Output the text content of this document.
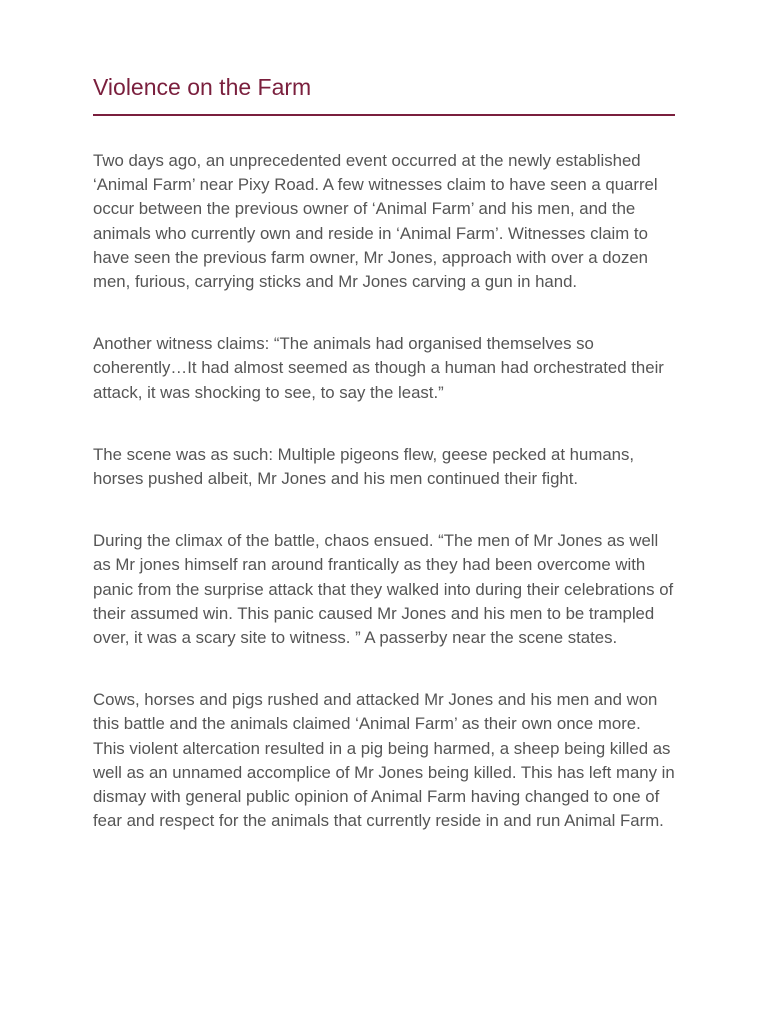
Violence on the Farm

Two days ago, an unprecedented event occurred at the newly established ‘Animal Farm’ near Pixy Road. A few witnesses claim to have seen a quarrel occur between the previous owner of ‘Animal Farm’ and his men, and the animals who currently own and reside in ‘Animal Farm’. Witnesses claim to have seen the previous farm owner, Mr Jones, approach with over a dozen men, furious, carrying sticks and Mr Jones carving a gun in hand.

Another witness claims: “The animals had organised themselves so coherently…It had almost seemed as though a human had orchestrated their attack, it was shocking to see, to say the least.”

The scene was as such: Multiple pigeons flew, geese pecked at humans, horses pushed albeit, Mr Jones and his men continued their fight.

During the climax of the battle, chaos ensued. “The men of Mr Jones as well as Mr jones himself ran around frantically as they had been overcome with panic from the surprise attack that they walked into during their celebrations of their assumed win. This panic caused Mr Jones and his men to be trampled over, it was a scary site to witness. ” A passerby near the scene states.

Cows, horses and pigs rushed and attacked Mr Jones and his men and won this battle and the animals claimed ‘Animal Farm’ as their own once more. This violent altercation resulted in a pig being harmed, a sheep being killed as well as an unnamed accomplice of Mr Jones being killed. This has left many in dismay with general public opinion of Animal Farm having changed to one of fear and respect for the animals that currently reside in and run Animal Farm.
